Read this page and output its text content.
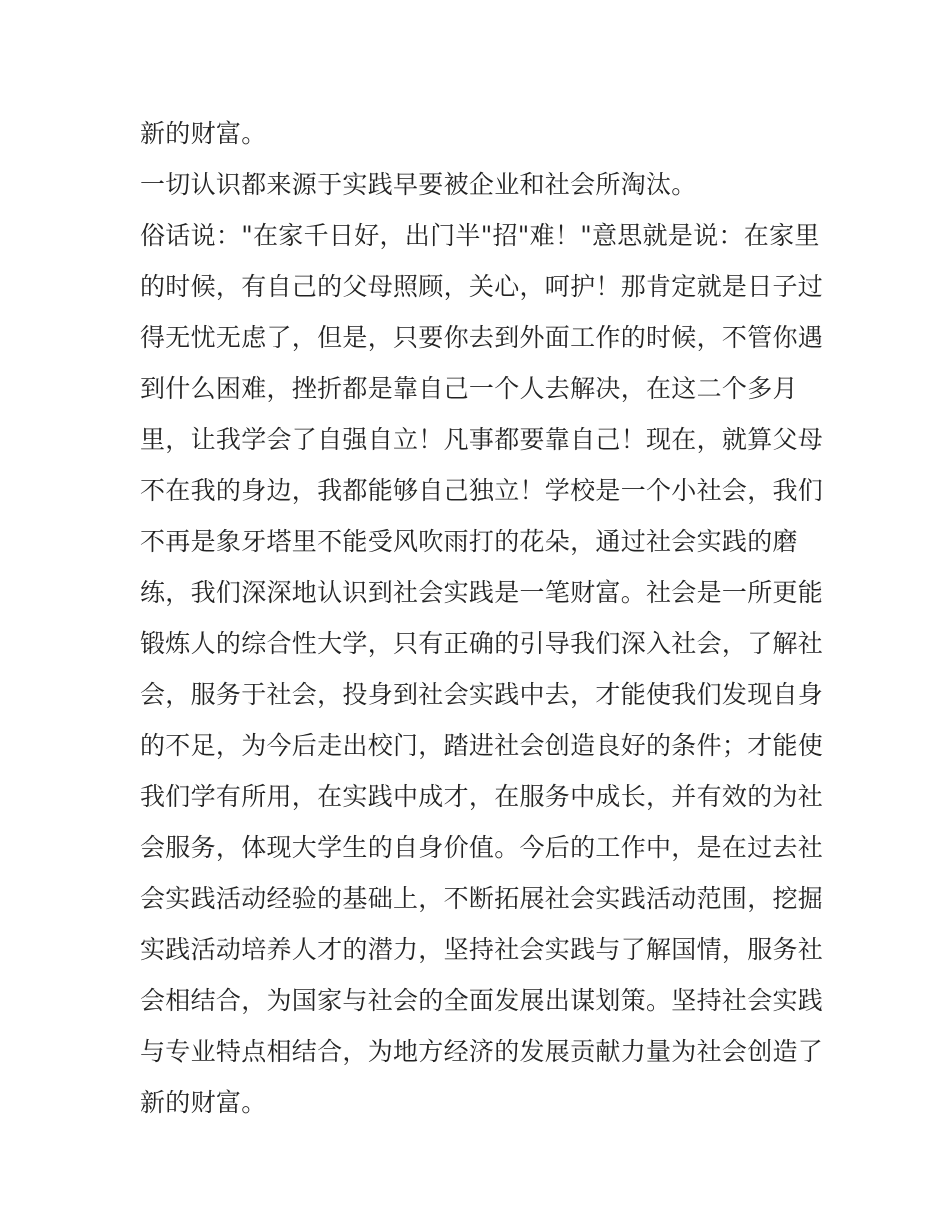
新的财富。
一切认识都来源于实践早要被企业和社会所淘汰。
俗话说："在家千日好，出门半"招"难！"意思就是说：在家里
的时候，有自己的父母照顾，关心，呵护！那肯定就是日子过
得无忧无虑了，但是，只要你去到外面工作的时候，不管你遇
到什么困难，挫折都是靠自己一个人去解决，在这二个多月
里，让我学会了自强自立！凡事都要靠自己！现在，就算父母
不在我的身边，我都能够自己独立！学校是一个小社会，我们
不再是象牙塔里不能受风吹雨打的花朵，通过社会实践的磨
练，我们深深地认识到社会实践是一笔财富。社会是一所更能
锻炼人的综合性大学，只有正确的引导我们深入社会，了解社
会，服务于社会，投身到社会实践中去，才能使我们发现自身
的不足，为今后走出校门，踏进社会创造良好的条件；才能使
我们学有所用，在实践中成才，在服务中成长，并有效的为社
会服务，体现大学生的自身价值。今后的工作中，是在过去社
会实践活动经验的基础上，不断拓展社会实践活动范围，挖掘
实践活动培养人才的潜力，坚持社会实践与了解国情，服务社
会相结合，为国家与社会的全面发展出谋划策。坚持社会实践
与专业特点相结合，为地方经济的发展贡献力量为社会创造了
新的财富。
